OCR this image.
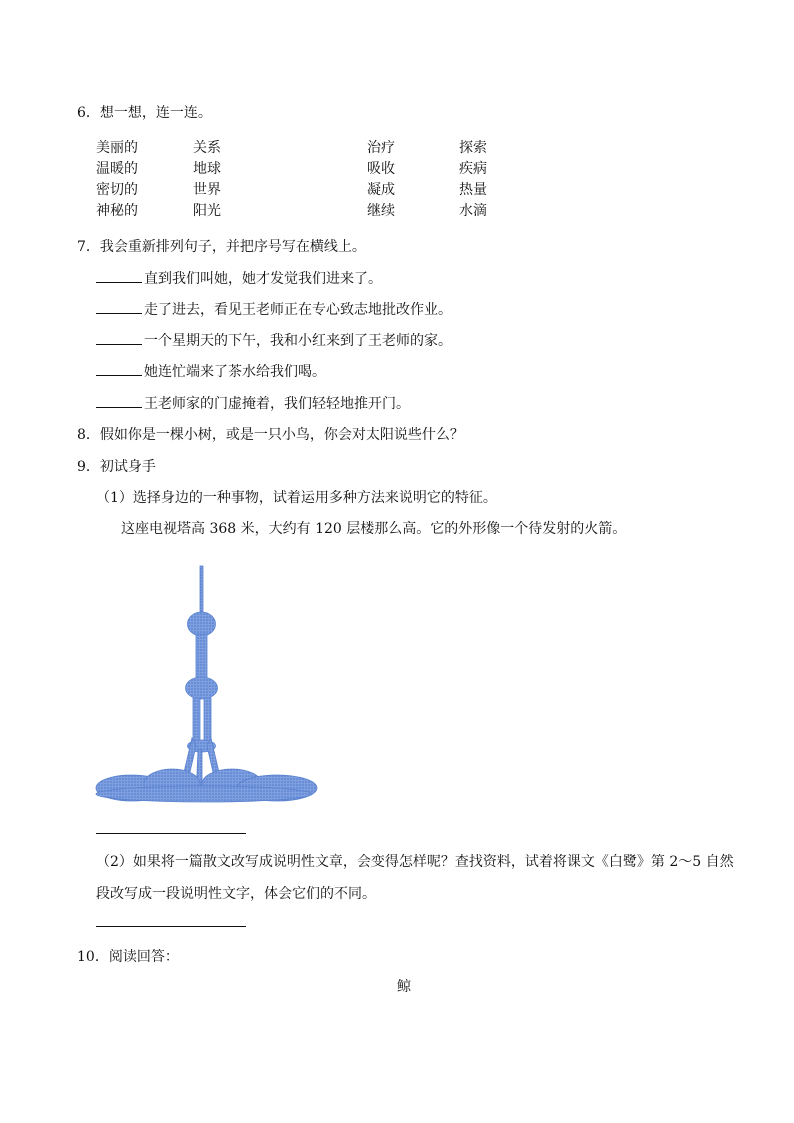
6．想一想，连一连。
美丽的
温暖的
密切的
神秘的
关系
地球
世界
阳光
治疗
吸收
凝成
继续
探索
疾病
热量
水滴
7．我会重新排列句子，并把序号写在横线上。
直到我们叫她，她才发觉我们进来了。
走了进去，看见王老师正在专心致志地批改作业。
一个星期天的下午，我和小红来到了王老师的家。
她连忙端来了茶水给我们喝。
王老师家的门虚掩着，我们轻轻地推开门。
8．假如你是一棵小树，或是一只小鸟，你会对太阳说些什么？
9．初试身手
（1）选择身边的一种事物，试着运用多种方法来说明它的特征。
这座电视塔高 368 米，大约有 120 层楼那么高。它的外形像一个待发射的火箭。
（2）如果将一篇散文改写成说明性文章，会变得怎样呢？查找资料，试着将课文《白鹭》第 2～5 自然
段改写成一段说明性文字，体会它们的不同。
10．阅读回答：
鲸
